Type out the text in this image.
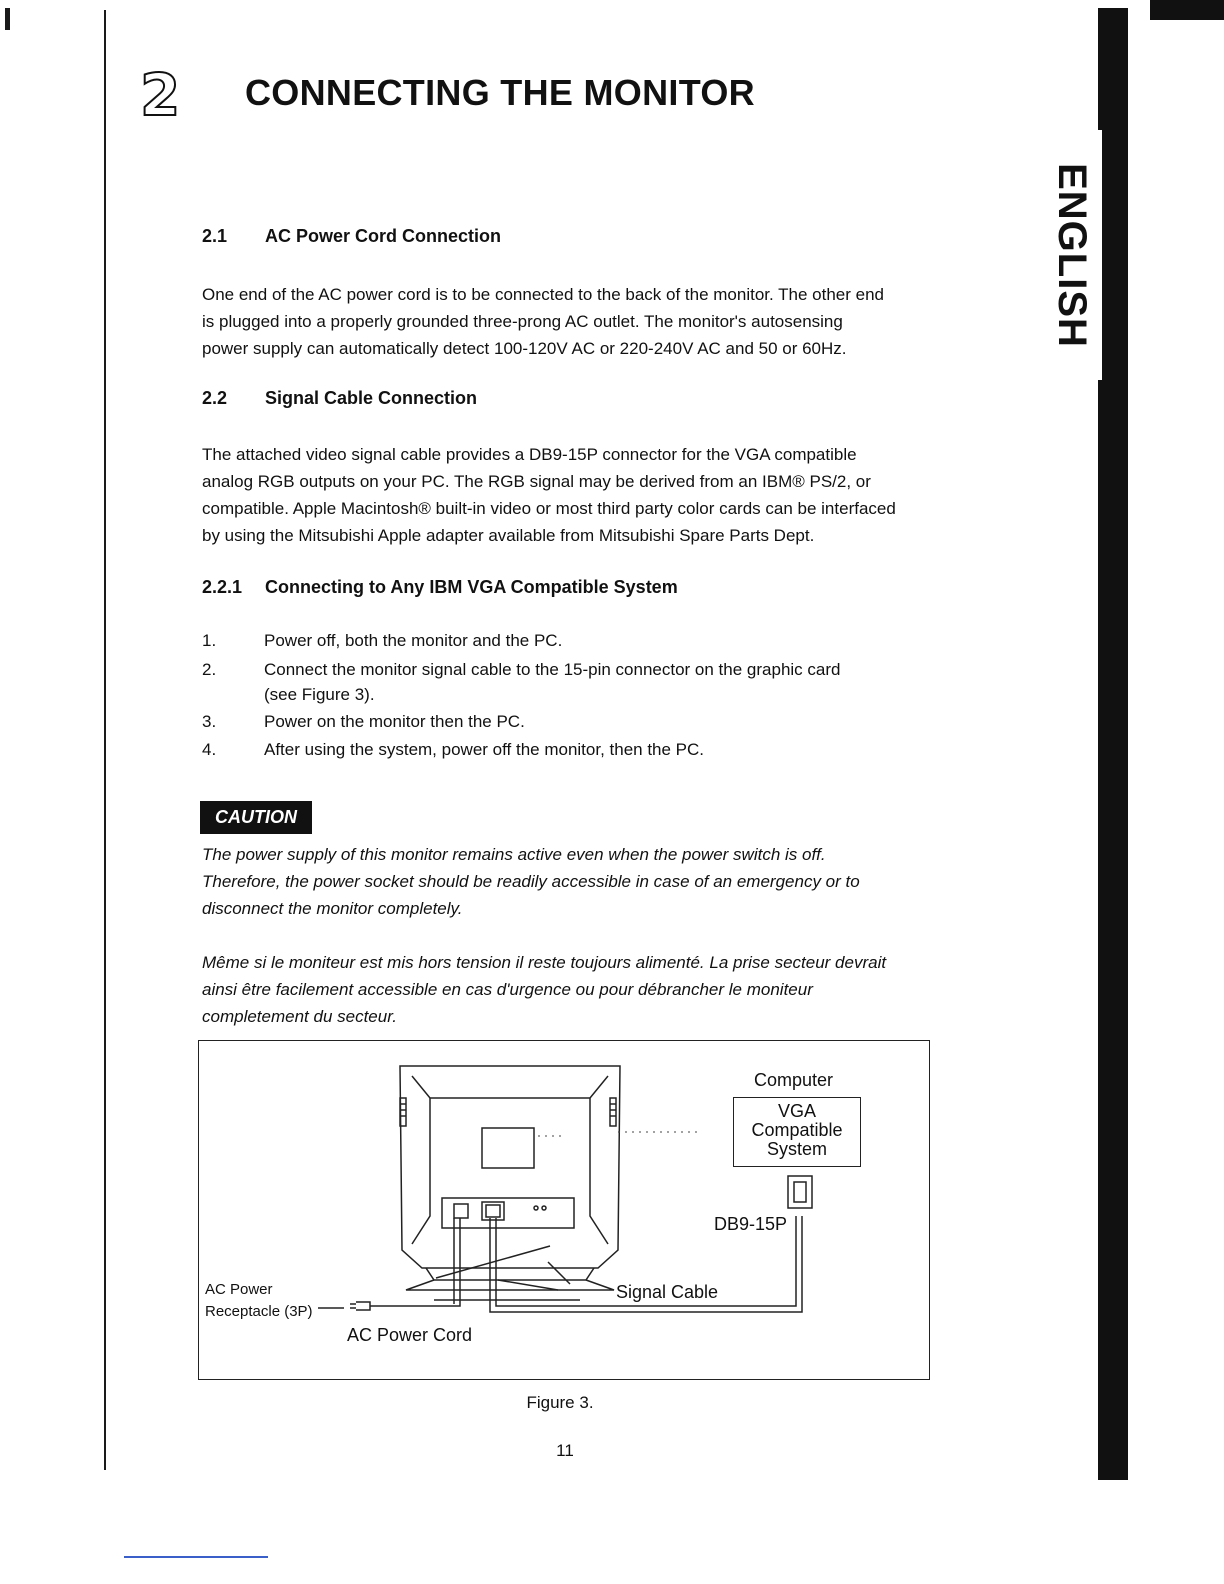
2	CONNECTING THE MONITOR
ENGLISH
2.1 AC Power Cord Connection
One end of the AC power cord is to be connected to the back of the monitor. The other end
is plugged into a properly grounded three-prong AC outlet. The monitor's autosensing
power supply can automatically detect 100-120V AC or 220-240V AC and 50 or 60Hz.
2.2 Signal Cable Connection
The attached video signal cable provides a DB9-15P connector for the VGA compatible
analog RGB outputs on your PC. The RGB signal may be derived from an IBM® PS/2, or
compatible. Apple Macintosh® built-in video or most third party color cards can be interfaced
by using the Mitsubishi Apple adapter available from Mitsubishi Spare Parts Dept.
2.2.1 Connecting to Any IBM VGA Compatible System
1.	Power off, both the monitor and the PC.
2.	Connect the monitor signal cable to the 15-pin connector on the graphic card
(see Figure 3).
3.	Power on the monitor then the PC.
4.	After using the system, power off the monitor, then the PC.
CAUTION
The power supply of this monitor remains active even when the power switch is off.
Therefore, the power socket should be readily accessible in case of an emergency or to
disconnect the monitor completely.
Même si le moniteur est mis hors tension il reste toujours alimenté. La prise secteur devrait
ainsi être facilement accessible en cas d'urgence ou pour débrancher le moniteur
completement du secteur.
Computer
VGA
Compatible
System
DB9-15P
Signal Cable
AC Power
Receptacle (3P)
AC Power Cord
Figure 3.
11
